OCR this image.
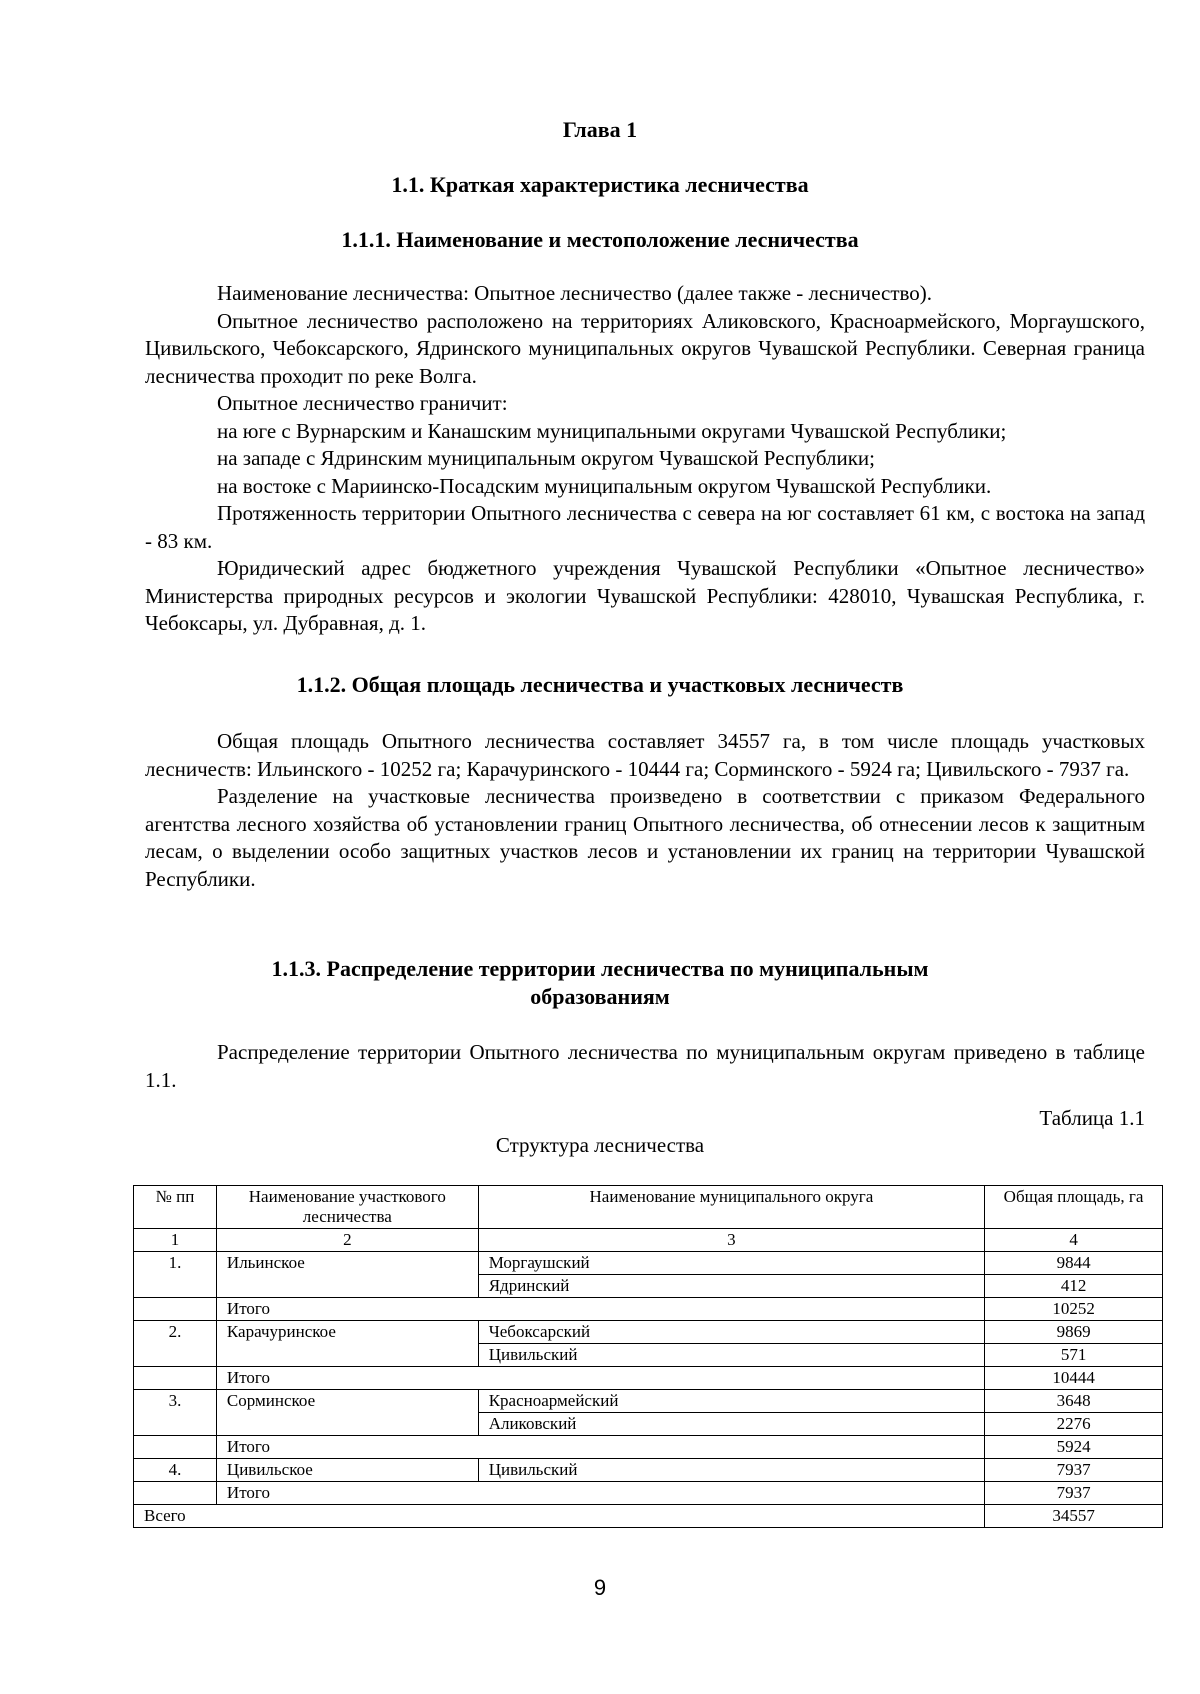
Глава 1
1.1. Краткая характеристика лесничества
1.1.1. Наименование и местоположение лесничества

Наименование лесничества: Опытное лесничество (далее также - лесничество).

Опытное лесничество расположено на территориях Аликовского, Красноармейского, Моргаушского, Цивильского, Чебоксарского, Ядринского муниципальных округов Чувашской Республики. Северная граница лесничества проходит по реке Волга.

Опытное лесничество граничит:

на юге с Вурнарским и Канашским муниципальными округами Чувашской Республики;

на западе с Ядринским муниципальным округом Чувашской Республики;

на востоке с Мариинско-Посадским муниципальным округом Чувашской Республики.

Протяженность территории Опытного лесничества с севера на юг составляет 61 км, с востока на запад - 83 км.

Юридический адрес бюджетного учреждения Чувашской Республики «Опытное лесничество» Министерства природных ресурсов и экологии Чувашской Республики: 428010, Чувашская Республика, г. Чебоксары, ул. Дубравная, д. 1.

1.1.2. Общая площадь лесничества и участковых лесничеств

Общая площадь Опытного лесничества составляет 34557 га, в том числе площадь участковых лесничеств: Ильинского - 10252 га; Карачуринского - 10444 га; Сорминского - 5924 га; Цивильского - 7937 га.

Разделение на участковые лесничества произведено в соответствии с приказом Федерального агентства лесного хозяйства об установлении границ Опытного лесничества, об отнесении лесов к защитным лесам, о выделении особо защитных участков лесов и установлении их границ на территории Чувашской Республики.

1.1.3. Распределение территории лесничества по муниципальным
образованиям

Распределение территории Опытного лесничества по муниципальным округам приведено в таблице 1.1.

Таблица 1.1
Структура лесничества
№ пп	Наименование участкового лесничества	Наименование муниципального округа	Общая площадь, га
1	2	3	4
1.	Ильинское	Моргаушский	9844
		Ядринский	412
	Итого		10252
2.	Карачуринское	Чебоксарский	9869
		Цивильский	571
	Итого		10444
3.	Сорминское	Красноармейский	3648
		Аликовский	2276
	Итого		5924
4.	Цивильское	Цивильский	7937
	Итого		7937
Всего			34557
9
